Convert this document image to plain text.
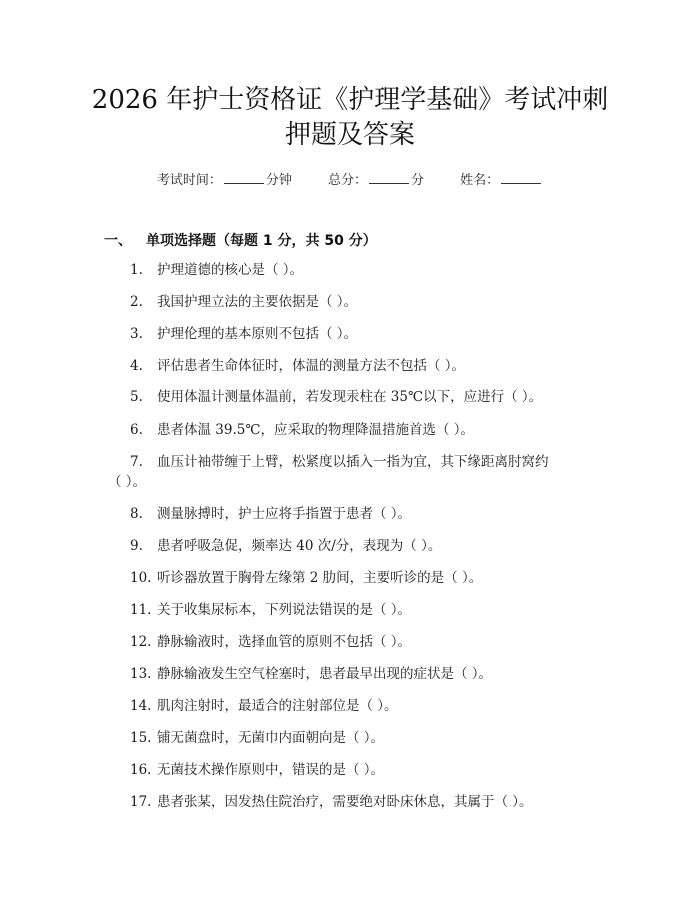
2026 年护士资格证《护理学基础》考试冲刺
押题及答案
考试时间：	分钟	总分：	分	姓名：
一、 单项选择题（每题 1 分，共 50 分）
1. 护理道德的核心是（ ）。
2. 我国护理立法的主要依据是（ ）。
3. 护理伦理的基本原则不包括（ ）。
4. 评估患者生命体征时，体温的测量方法不包括（ ）。
5. 使用体温计测量体温前，若发现汞柱在 35℃以下，应进行（ ）。
6. 患者体温 39.5℃，应采取的物理降温措施首选（ ）。
7. 血压计袖带缠于上臂，松紧度以插入一指为宜，其下缘距离肘窝约
（ ）。
8. 测量脉搏时，护士应将手指置于患者（ ）。
9. 患者呼吸急促，频率达 40 次/分，表现为（ ）。
10. 听诊器放置于胸骨左缘第 2 肋间，主要听诊的是（ ）。
11. 关于收集尿标本，下列说法错误的是（ ）。
12. 静脉输液时，选择血管的原则不包括（ ）。
13. 静脉输液发生空气栓塞时，患者最早出现的症状是（ ）。
14. 肌肉注射时，最适合的注射部位是（ ）。
15. 铺无菌盘时，无菌巾内面朝向是（ ）。
16. 无菌技术操作原则中，错误的是（ ）。
17. 患者张某，因发热住院治疗，需要绝对卧床休息，其属于（ ）。
